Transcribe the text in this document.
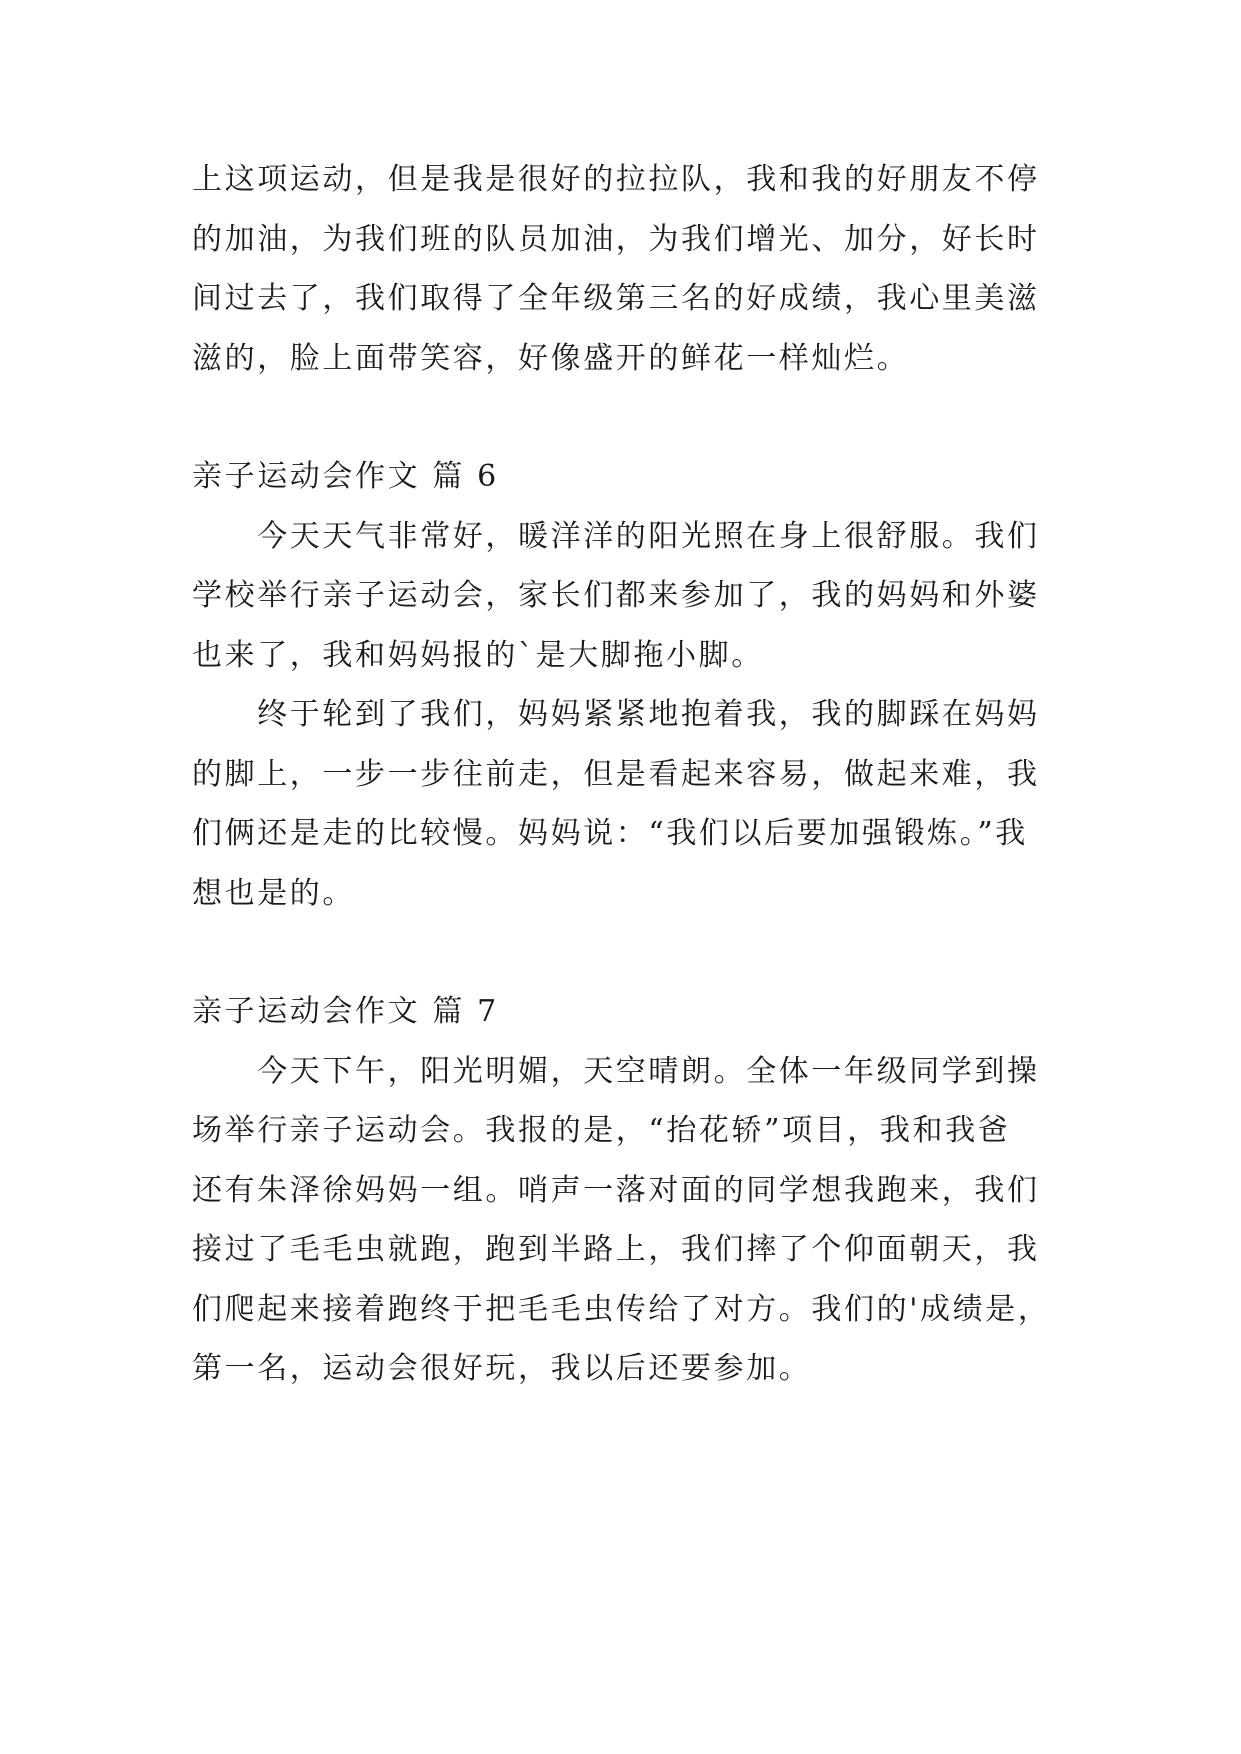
上这项运动，但是我是很好的拉拉队，我和我的好朋友不停
的加油，为我们班的队员加油，为我们增光、加分，好长时
间过去了，我们取得了全年级第三名的好成绩，我心里美滋
滋的，脸上面带笑容，好像盛开的鲜花一样灿烂。
亲子运动会作文 篇 6
　　今天天气非常好，暖洋洋的阳光照在身上很舒服。我们
学校举行亲子运动会，家长们都来参加了，我的妈妈和外婆
也来了，我和妈妈报的`是大脚拖小脚。
　　终于轮到了我们，妈妈紧紧地抱着我，我的脚踩在妈妈
的脚上，一步一步往前走，但是看起来容易，做起来难，我
们俩还是走的比较慢。妈妈说：“我们以后要加强锻炼。”我
想也是的。
亲子运动会作文 篇 7
　　今天下午，阳光明媚，天空晴朗。全体一年级同学到操
场举行亲子运动会。我报的是，“抬花轿”项目，我和我爸
还有朱泽徐妈妈一组。哨声一落对面的同学想我跑来，我们
接过了毛毛虫就跑，跑到半路上，我们摔了个仰面朝天，我
们爬起来接着跑终于把毛毛虫传给了对方。我们的'成绩是，
第一名，运动会很好玩，我以后还要参加。
